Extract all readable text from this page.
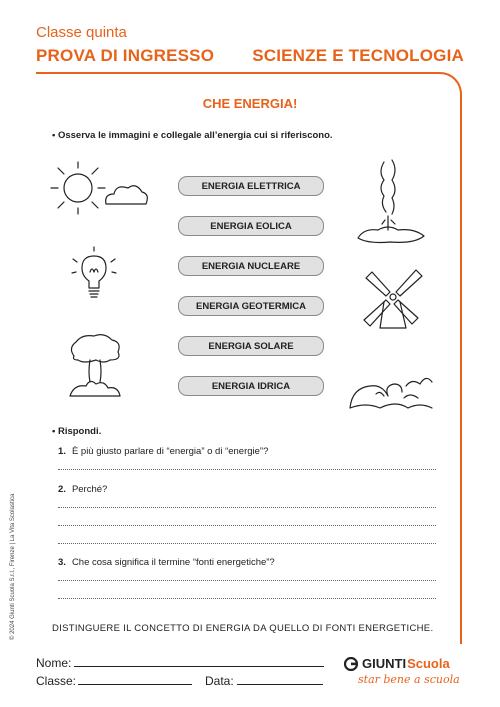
Classe quinta
PROVA DI INGRESSO SCIENZE E TECNOLOGIA
CHE ENERGIA!
• Osserva le immagini e collegale all’energia cui si riferiscono.
ENERGIA ELETTRICA
ENERGIA EOLICA
ENERGIA NUCLEARE
ENERGIA GEOTERMICA
ENERGIA SOLARE
ENERGIA IDRICA
• Rispondi.
1. È più giusto parlare di “energia” o di “energie”?
2. Perché?
3. Che cosa significa il termine “fonti energetiche”?
DISTINGUERE IL CONCETTO DI ENERGIA DA QUELLO DI FONTI ENERGETICHE.
© 2024 Giunti Scuola S.r.l., Firenze | La Vita Scolastica
Nome:
Classe:	Data:
GIUNTI Scuola
star bene a scuola
